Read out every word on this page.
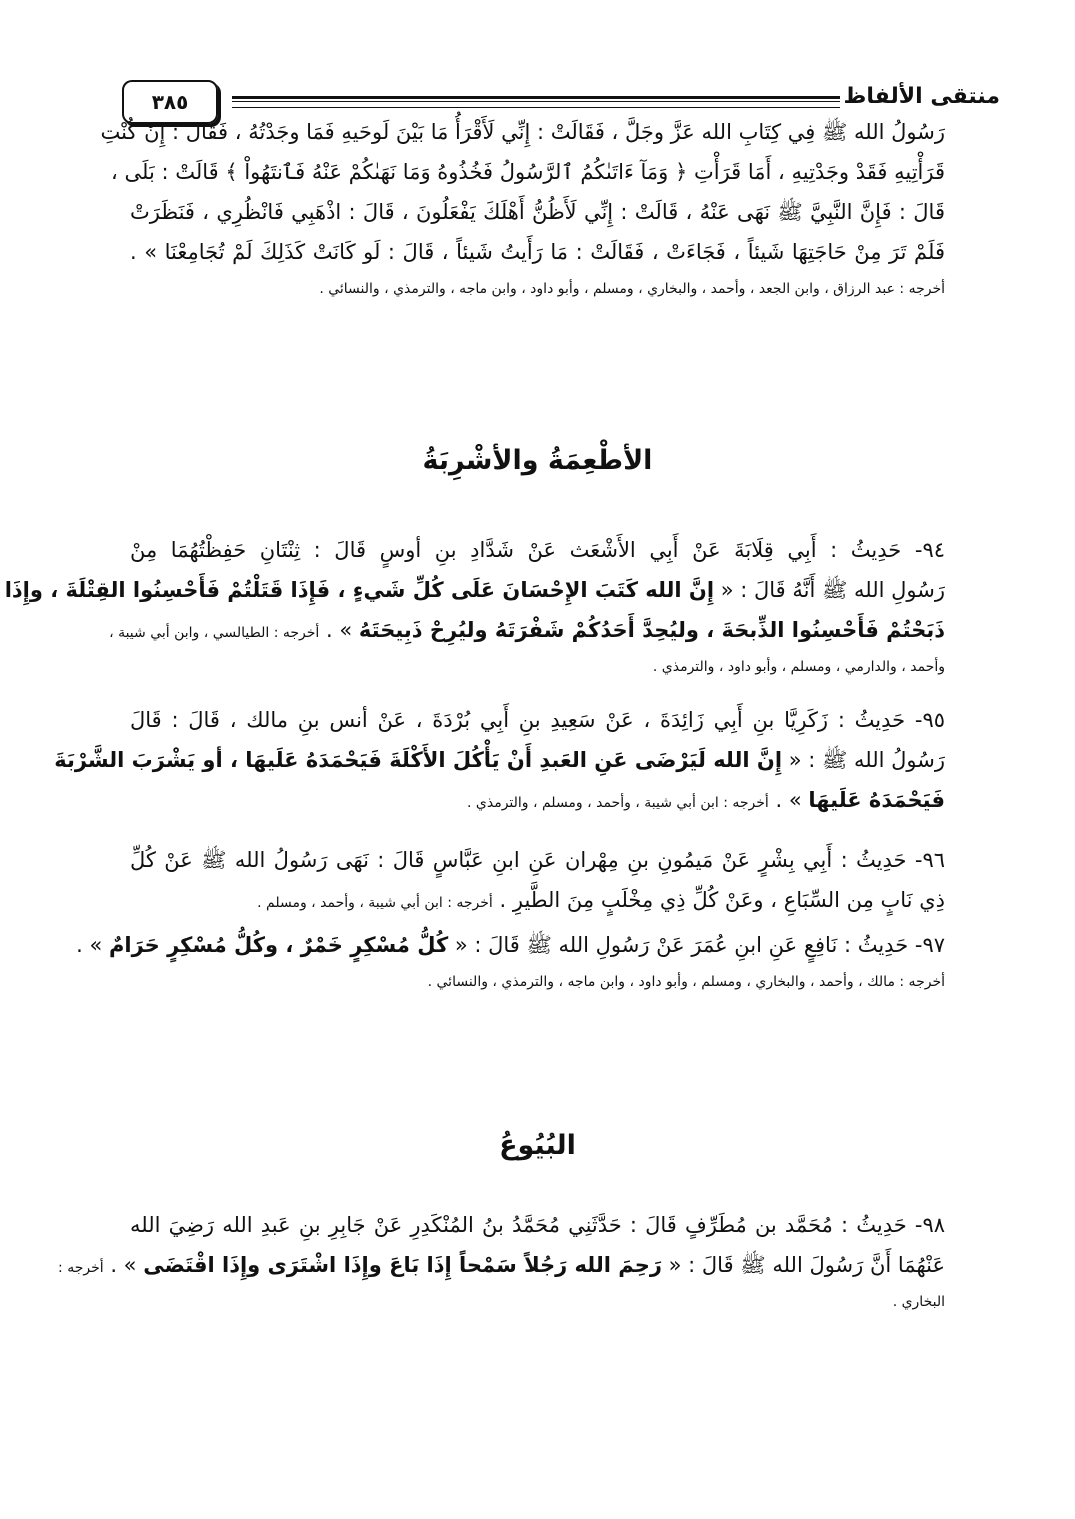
منتقى الألفاظ
٣٨٥
رَسُولُ الله ﷺ فِي كِتَابِ الله عَزَّ وجَلَّ ، فَقَالَتْ : إِنِّي لَأَقْرَأُ مَا بَيْنَ لَوحَيهِ فَمَا وجَدْتُهُ ، فَقَالَ : إِنْ كُنْتِ
قَرَأْتِيهِ فَقَدْ وجَدْتِيهِ ، أَمَا قَرَأْتِ ﴿ وَمَآ ءَاتَىٰكُمُ ٱلرَّسُولُ فَخُذُوهُ وَمَا نَهَىٰكُمْ عَنْهُ فَٱنتَهُواْ ﴾ قَالَتْ : بَلَى ،
قَالَ : فَإِنَّ النَّبِيَّ ﷺ نَهَى عَنْهُ ، قَالَتْ : إِنِّي لَأَظُنُّ أَهْلَكَ يَفْعَلُونَ ، قَالَ : اذْهَبِي فَانْظُرِي ، فَنَظَرَتْ
فَلَمْ تَرَ مِنْ حَاجَتِهَا شَيئاً ، فَجَاءَتْ ، فَقَالَتْ : مَا رَأَيتُ شَيئاً ، قَالَ : لَو كَانَتْ كَذَلِكَ لَمْ تُجَامِعْنَا » .
أخرجه : عبد الرزاق ، وابن الجعد ، وأحمد ، والبخاري ، ومسلم ، وأبو داود ، وابن ماجه ، والترمذي ، والنسائي .
الأطْعِمَةُ والأشْرِبَةُ
٩٤- حَدِيثُ : أَبِي قِلَابَةَ عَنْ أَبِي الأَشْعَث عَنْ شَدَّادِ بنِ أوسٍ قَالَ : ثِنْتَانِ حَفِظْتُهُمَا مِنْ
رَسُولِ الله ﷺ أَنَّهُ قَالَ : « إِنَّ الله كَتَبَ الإِحْسَانَ عَلَى كُلِّ شَيءٍ ، فَإِذَا قَتَلْتُمْ فَأَحْسِنُوا القِتْلَةَ ، وإِذَا
ذَبَحْتُمْ فَأَحْسِنُوا الذِّبحَةَ ، وليُحِدَّ أَحَدُكُمْ شَفْرَتَهُ وليُرِحْ ذَبِيحَتَهُ » . أخرجه : الطيالسي ، وابن أبي شيبة ،
وأحمد ، والدارمي ، ومسلم ، وأبو داود ، والترمذي .
٩٥- حَدِيثُ : زَكَرِيَّا بنِ أَبِي زَائِدَةَ ، عَنْ سَعِيدِ بنِ أَبِي بُرْدَةَ ، عَنْ أنس بنِ مالك ، قَالَ : قَالَ
رَسُولُ الله ﷺ : « إِنَّ الله لَيَرْضَى عَنِ العَبدِ أَنْ يَأْكُلَ الأَكْلَةَ فَيَحْمَدَهُ عَلَيهَا ، أو يَشْرَبَ الشَّرْبَةَ
فَيَحْمَدَهُ عَلَيهَا » . أخرجه : ابن أبي شيبة ، وأحمد ، ومسلم ، والترمذي .
٩٦- حَدِيثُ : أَبِي بِشْرٍ عَنْ مَيمُونِ بنِ مِهْران عَنِ ابنِ عَبَّاسٍ قَالَ : نَهَى رَسُولُ الله ﷺ عَنْ كُلِّ
ذِي نَابٍ مِن السِّبَاعِ ، وعَنْ كُلِّ ذِي مِخْلَبٍ مِنَ الطَّيرِ . أخرجه : ابن أبي شيبة ، وأحمد ، ومسلم .
٩٧- حَدِيثُ : نَافِعٍ عَنِ ابنِ عُمَرَ عَنْ رَسُولِ الله ﷺ قَالَ : « كُلُّ مُسْكِرٍ خَمْرٌ ، وكُلُّ مُسْكِرٍ حَرَامٌ » .
أخرجه : مالك ، وأحمد ، والبخاري ، ومسلم ، وأبو داود ، وابن ماجه ، والترمذي ، والنسائي .
البُيُوعُ
٩٨- حَدِيثُ : مُحَمَّد بن مُطَرِّفٍ قَالَ : حَدَّثَنِي مُحَمَّدُ بنُ المُنْكَدِرِ عَنْ جَابِرِ بنِ عَبدِ الله رَضِيَ الله
عَنْهُمَا أَنَّ رَسُولَ الله ﷺ قَالَ : « رَحِمَ الله رَجُلاً سَمْحاً إِذَا بَاعَ وإِذَا اشْتَرَى وإِذَا اقْتَضَى » . أخرجه :
البخاري .
